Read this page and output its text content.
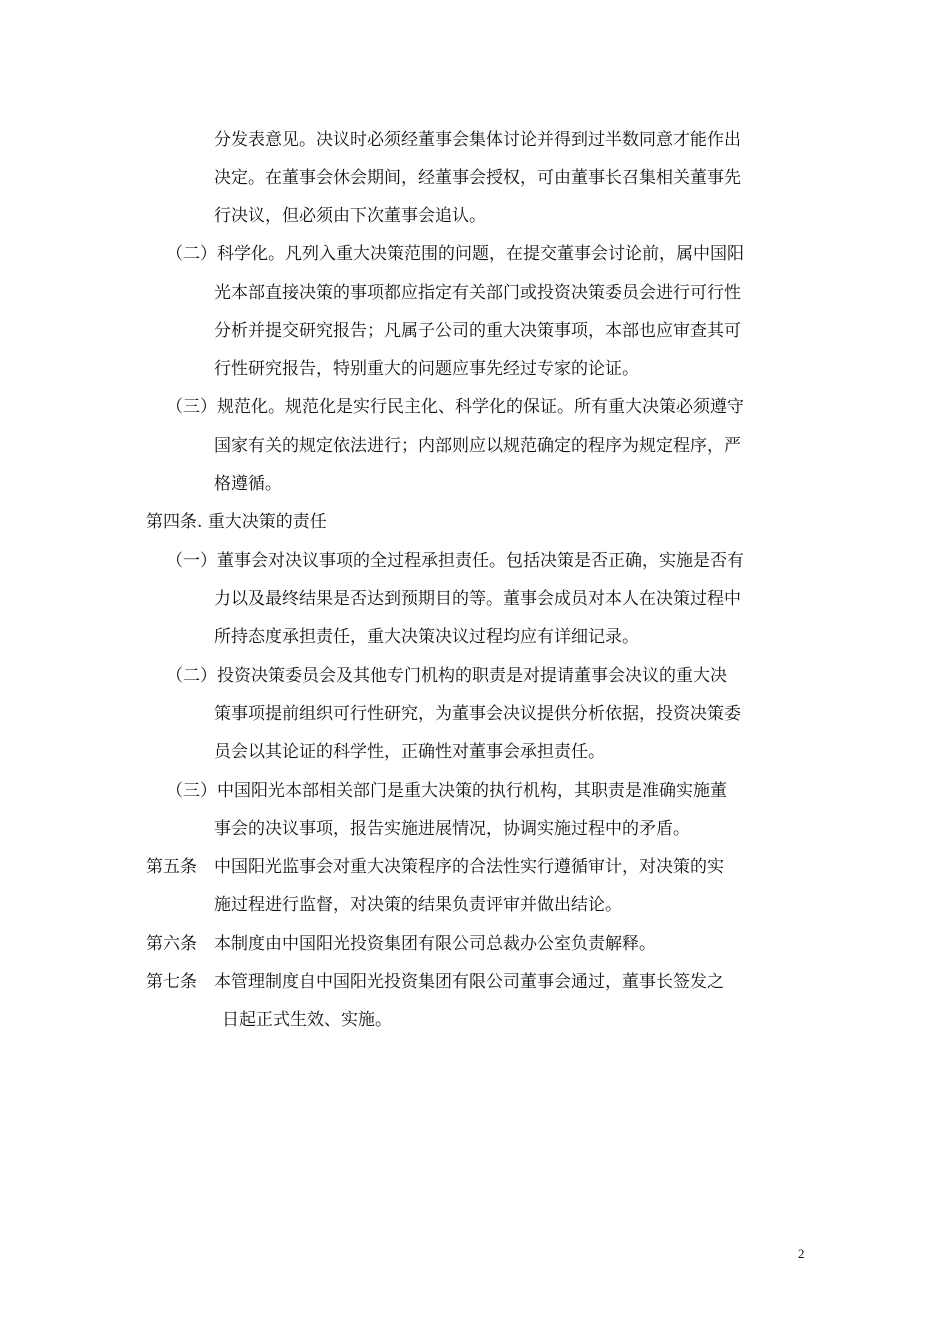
分发表意见。决议时必须经董事会集体讨论并得到过半数同意才能作出

决定。在董事会休会期间，经董事会授权，可由董事长召集相关董事先

行决议，但必须由下次董事会追认。

（二）科学化。凡列入重大决策范围的问题，在提交董事会讨论前，属中国阳

光本部直接决策的事项都应指定有关部门或投资决策委员会进行可行性

分析并提交研究报告；凡属子公司的重大决策事项，本部也应审查其可

行性研究报告，特别重大的问题应事先经过专家的论证。

（三）规范化。规范化是实行民主化、科学化的保证。所有重大决策必须遵守

国家有关的规定依法进行；内部则应以规范确定的程序为规定程序，严

格遵循。

第四条. 重大决策的责任

（一）董事会对决议事项的全过程承担责任。包括决策是否正确，实施是否有

力以及最终结果是否达到预期目的等。董事会成员对本人在决策过程中

所持态度承担责任，重大决策决议过程均应有详细记录。

（二）投资决策委员会及其他专门机构的职责是对提请董事会决议的重大决

策事项提前组织可行性研究，为董事会决议提供分析依据，投资决策委

员会以其论证的科学性，正确性对董事会承担责任。

（三）中国阳光本部相关部门是重大决策的执行机构，其职责是准确实施董

事会的决议事项，报告实施进展情况，协调实施过程中的矛盾。

第五条　中国阳光监事会对重大决策程序的合法性实行遵循审计，对决策的实

施过程进行监督，对决策的结果负责评审并做出结论。

第六条　本制度由中国阳光投资集团有限公司总裁办公室负责解释。

第七条　本管理制度自中国阳光投资集团有限公司董事会通过，董事长签发之

日起正式生效、实施。

2
